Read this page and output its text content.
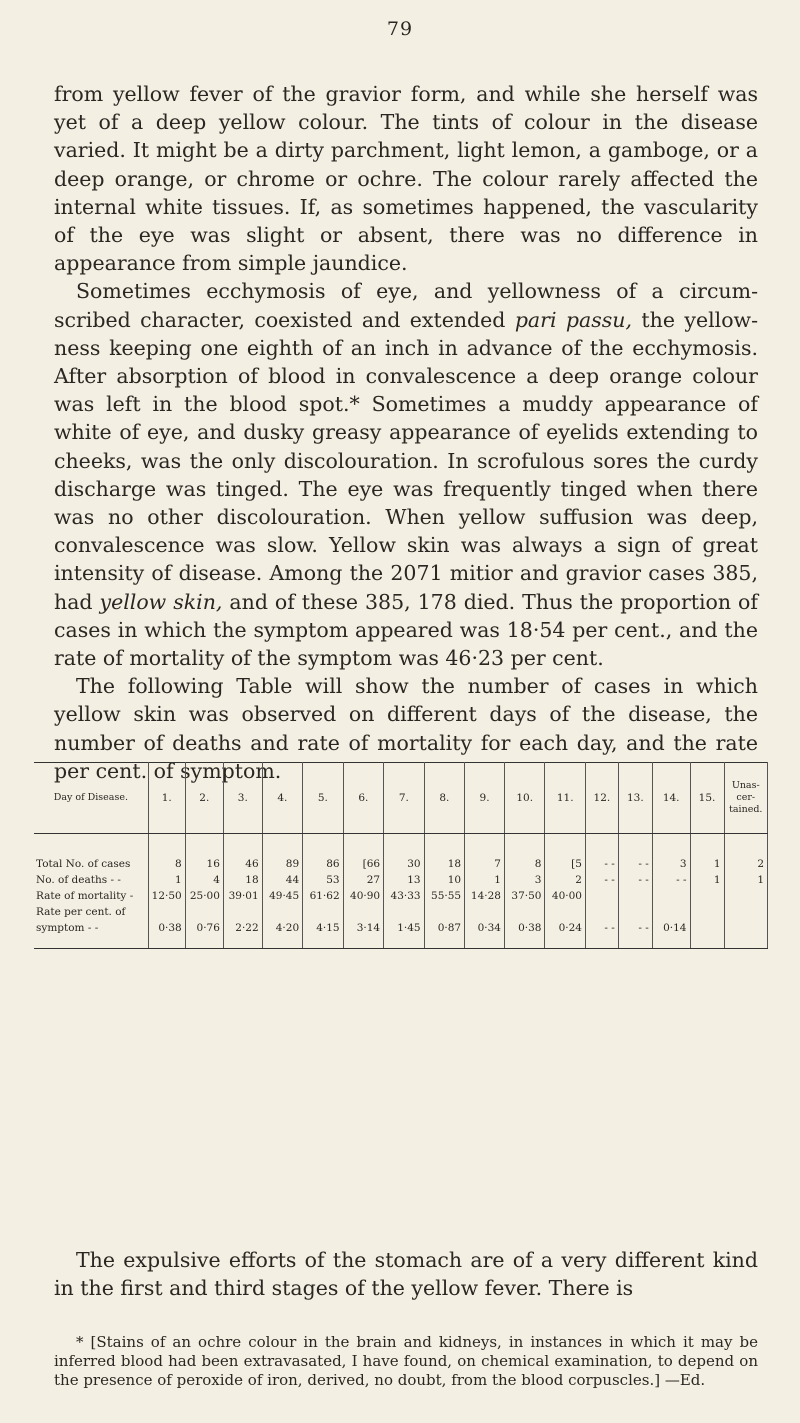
79

from yellow fever of the gravior form, and while she herself was yet of a deep yellow colour. The tints of colour in the disease varied. It might be a dirty parchment, light lemon, a gamboge, or a deep orange, or chrome or ochre. The colour rarely affected the internal white tissues. If, as sometimes happened, the vascularity of the eye was slight or absent, there was no difference in appearance from simple jaundice.

Sometimes ecchymosis of eye, and yellowness of a circum-scribed character, coexisted and extended pari passu, the yellow-ness keeping one eighth of an inch in advance of the ecchymosis. After absorption of blood in convalescence a deep orange colour was left in the blood spot.* Sometimes a muddy appearance of white of eye, and dusky greasy appearance of eyelids extending to cheeks, was the only discolouration. In scrofulous sores the curdy discharge was tinged. The eye was frequently tinged when there was no other discolouration. When yellow suffusion was deep, convalescence was slow. Yellow skin was always a sign of great intensity of disease. Among the 2071 mitior and gravior cases 385, had yellow skin, and of these 385, 178 died. Thus the proportion of cases in which the symptom appeared was 18·54 per cent., and the rate of mortality of the symptom was 46·23 per cent.

The following Table will show the number of cases in which yellow skin was observed on different days of the disease, the number of deaths and rate of mortality for each day, and the rate per cent. of symptom.

Day of Disease.	1.	2.	3.	4.	5.	6.	7.	8.	9.	10.	11.	12.	13.	14.	15.	Unas-
cer-
tained.
Total No. of cases	8	16	46	89	86	[66	30	18	7	8	[5	- -	- -	3	1	2
No. of deaths - -	1	4	18	44	53	27	13	10	1	3	2	- -	- -	- -	1	1
Rate of mortality -	12·50	25·00	39·01	49·45	61·62	40·90	43·33	55·55	14·28	37·50	40·00					
Rate per cent. of																
symptom - -	0·38	0·76	2·22	4·20	4·15	3·14	1·45	0·87	0·34	0·38	0·24	- -	- -	0·14		

The expulsive efforts of the stomach are of a very different kind in the first and third stages of the yellow fever. There is

* [Stains of an ochre colour in the brain and kidneys, in instances in which it may be inferred blood had been extravasated, I have found, on chemical examination, to depend on the presence of peroxide of iron, derived, no doubt, from the blood corpuscles.] —Ed.
